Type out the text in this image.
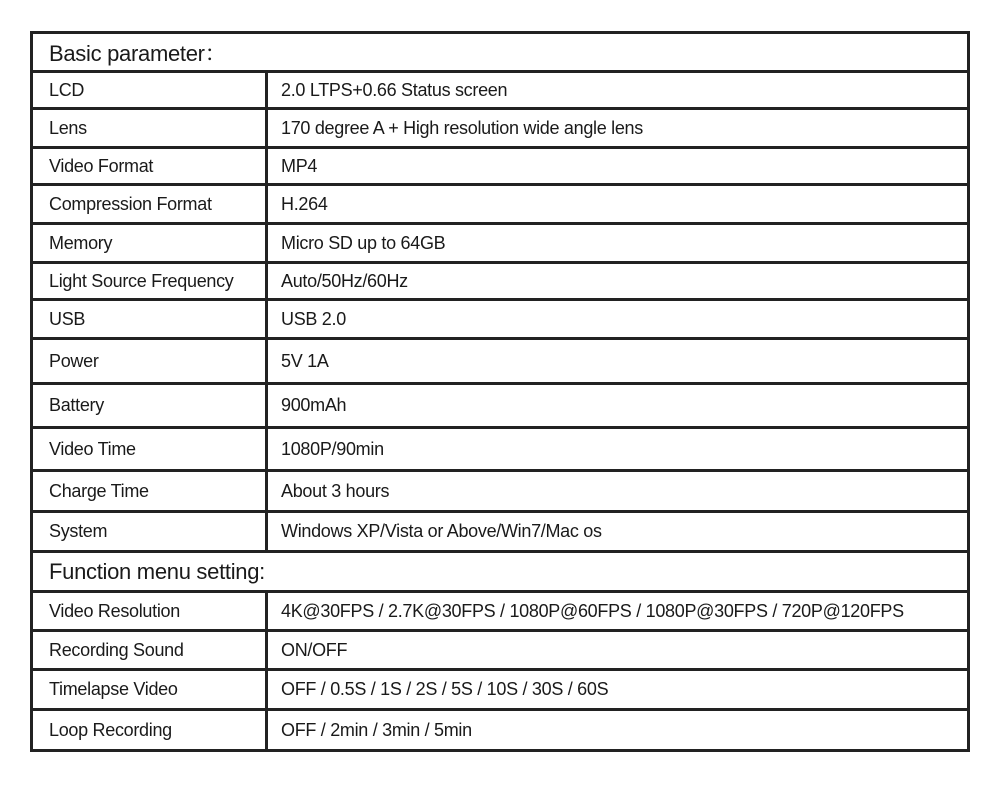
Basic parameter：
LCD	2.0 LTPS+0.66 Status screen
Lens	170 degree A + High resolution wide angle lens
Video Format	MP4
Compression Format	H.264
Memory	Micro SD up to 64GB
Light Source Frequency	Auto/50Hz/60Hz
USB	USB 2.0
Power	5V 1A
Battery	900mAh
Video Time	1080P/90min
Charge Time	About 3 hours
System	Windows XP/Vista or Above/Win7/Mac os
Function menu setting:
Video Resolution	4K@30FPS / 2.7K@30FPS / 1080P@60FPS / 1080P@30FPS / 720P@120FPS
Recording Sound	ON/OFF
Timelapse Video	OFF / 0.5S / 1S / 2S / 5S / 10S / 30S / 60S
Loop Recording	OFF / 2min / 3min / 5min
